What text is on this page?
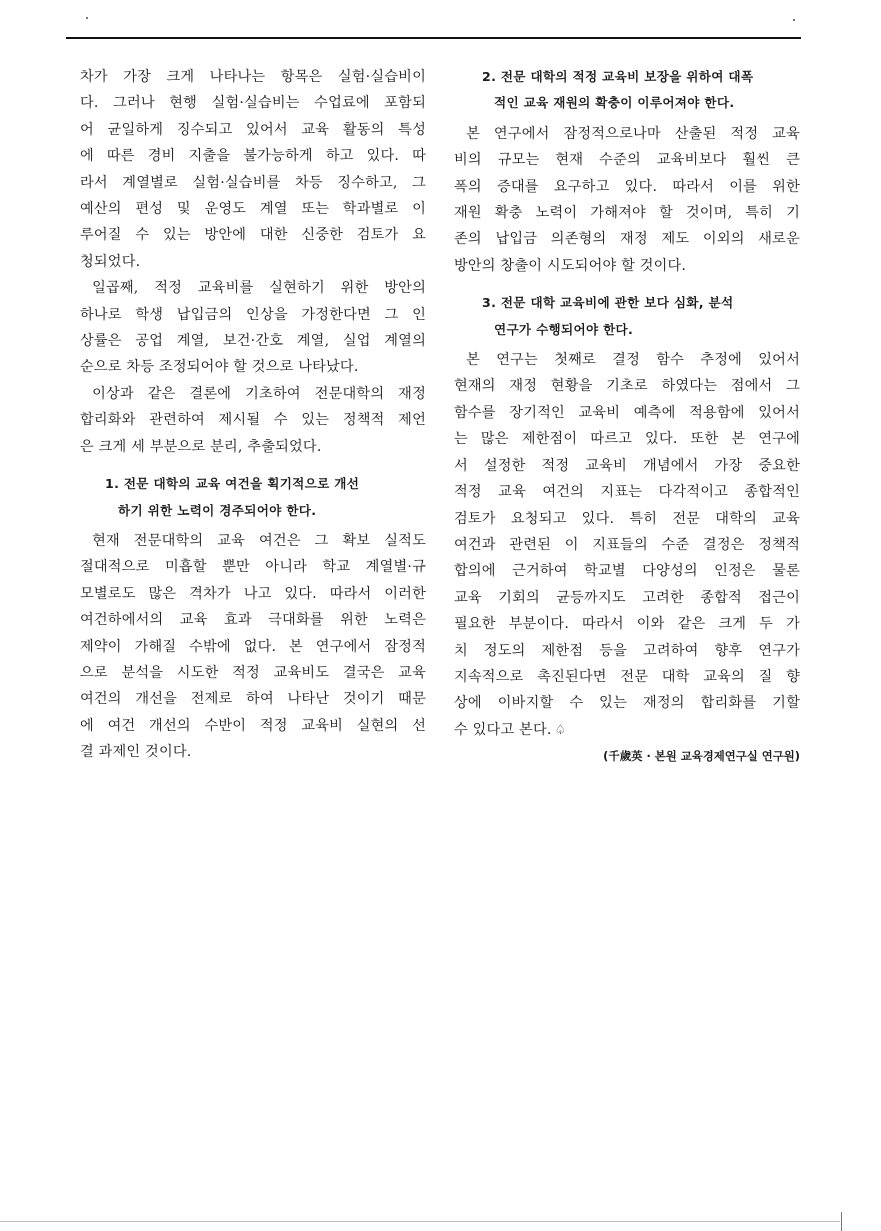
차가 가장 크게 나타나는 항목은 실험·실습비이
다. 그러나 현행 실험·실습비는 수업료에 포함되
어 균일하게 징수되고 있어서 교육 활동의 특성
에 따른 경비 지출을 불가능하게 하고 있다. 따
라서 계열별로 실험·실습비를 차등 징수하고, 그
예산의 편성 및 운영도 계열 또는 학과별로 이
루어질 수 있는 방안에 대한 신중한 검토가 요
청되었다.
일곱째, 적정 교육비를 실현하기 위한 방안의
하나로 학생 납입금의 인상을 가정한다면 그 인
상률은 공업 계열, 보건·간호 계열, 실업 계열의
순으로 차등 조정되어야 할 것으로 나타났다.
이상과 같은 결론에 기초하여 전문대학의 재정
합리화와 관련하여 제시될 수 있는 정책적 제언
은 크게 세 부분으로 분리, 추출되었다.
1. 전문 대학의 교육 여건을 획기적으로 개선
하기 위한 노력이 경주되어야 한다.
현재 전문대학의 교육 여건은 그 확보 실적도
절대적으로 미흡할 뿐만 아니라 학교 계열별·규
모별로도 많은 격차가 나고 있다. 따라서 이러한
여건하에서의 교육 효과 극대화를 위한 노력은
제약이 가해질 수밖에 없다. 본 연구에서 잠정적
으로 분석을 시도한 적정 교육비도 결국은 교육
여건의 개선을 전제로 하여 나타난 것이기 때문
에 여건 개선의 수반이 적정 교육비 실현의 선
결 과제인 것이다.
2. 전문 대학의 적정 교육비 보장을 위하여 대폭
적인 교육 재원의 확충이 이루어져야 한다.
본 연구에서 잠정적으로나마 산출된 적정 교육
비의 규모는 현재 수준의 교육비보다 훨씬 큰
폭의 증대를 요구하고 있다. 따라서 이를 위한
재원 확충 노력이 가해져야 할 것이며, 특히 기
존의 납입금 의존형의 재정 제도 이외의 새로운
방안의 창출이 시도되어야 할 것이다.
3. 전문 대학 교육비에 관한 보다 심화, 분석
연구가 수행되어야 한다.
본 연구는 첫째로 결정 함수 추정에 있어서
현재의 재정 현황을 기초로 하였다는 점에서 그
함수를 장기적인 교육비 예측에 적용함에 있어서
는 많은 제한점이 따르고 있다. 또한 본 연구에
서 설정한 적정 교육비 개념에서 가장 중요한
적정 교육 여건의 지표는 다각적이고 종합적인
검토가 요청되고 있다. 특히 전문 대학의 교육
여건과 관련된 이 지표들의 수준 결정은 정책적
합의에 근거하여 학교별 다양성의 인정은 물론
교육 기회의 균등까지도 고려한 종합적 접근이
필요한 부분이다. 따라서 이와 같은 크게 두 가
치 정도의 제한점 등을 고려하여 향후 연구가
지속적으로 촉진된다면 전문 대학 교육의 질 향
상에 이바지할 수 있는 재정의 합리화를 기할
수 있다고 본다. ♤
(千歲英 · 본원 교육경제연구실 연구원)
